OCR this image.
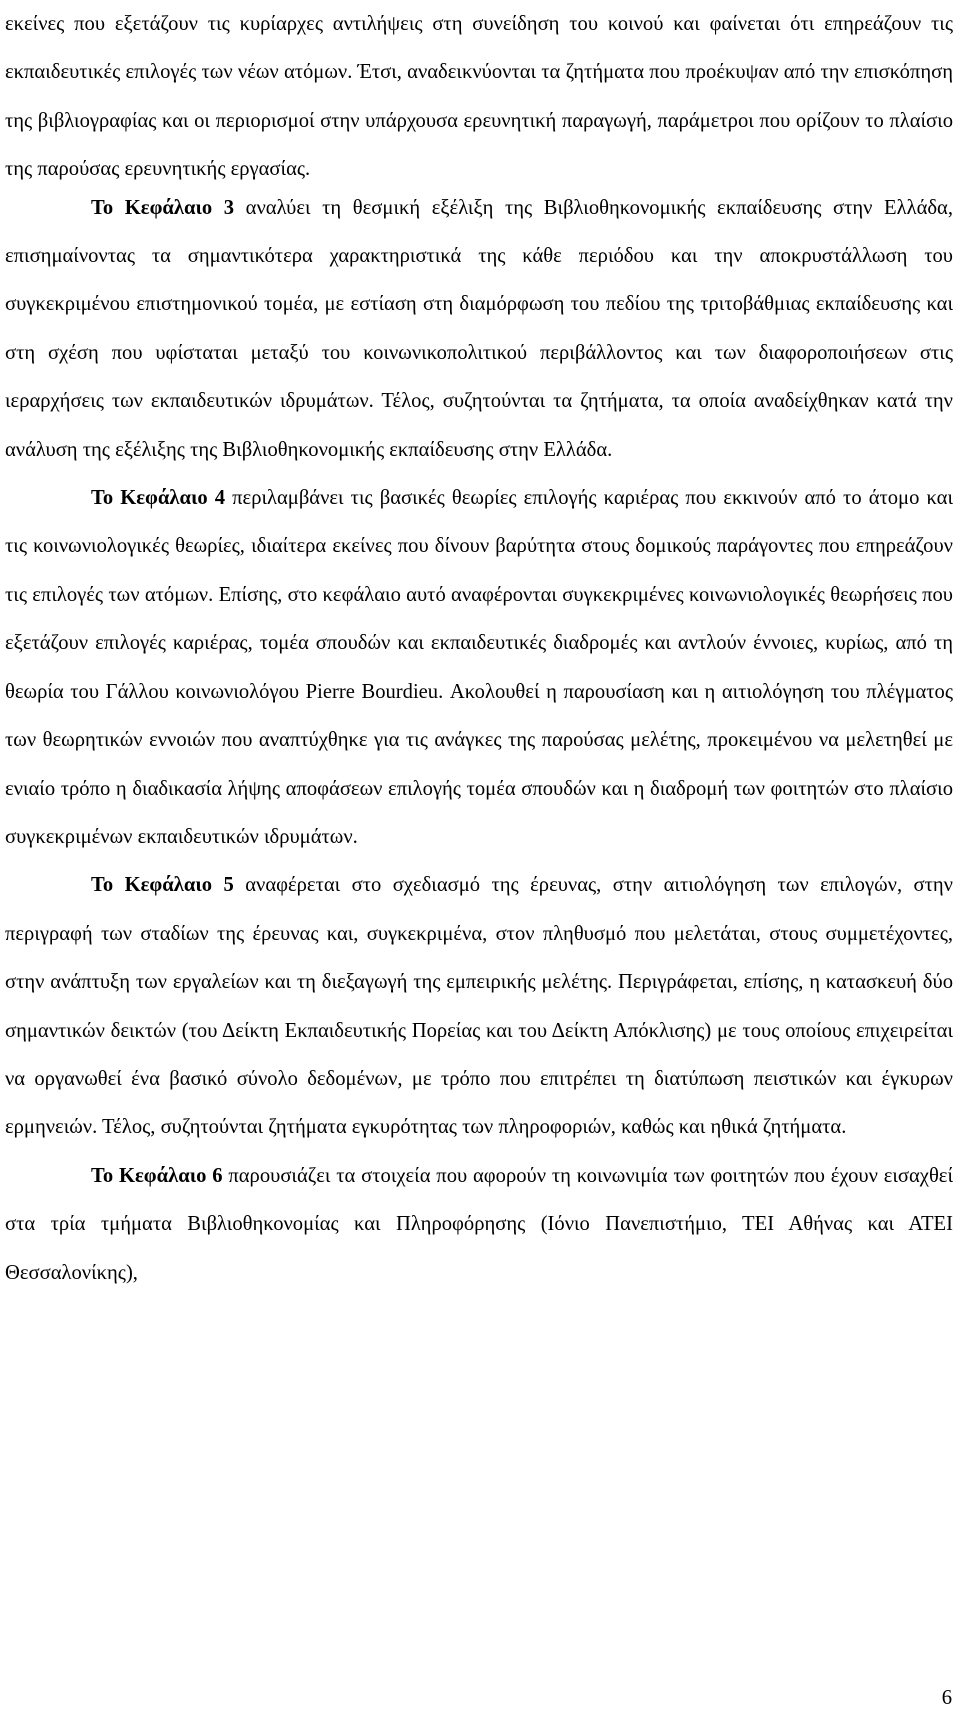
εκείνες που εξετάζουν τις κυρίαρχες αντιλήψεις στη συνείδηση του κοινού και φαίνεται ότι επηρεάζουν τις εκπαιδευτικές επιλογές των νέων ατόμων. Έτσι, αναδεικνύονται τα ζητήματα που προέκυψαν από την επισκόπηση της βιβλιογραφίας και οι περιορισμοί στην υπάρχουσα ερευνητική παραγωγή, παράμετροι που ορίζουν το πλαίσιο της παρούσας ερευνητικής εργασίας.

Το Κεφάλαιο 3 αναλύει τη θεσμική εξέλιξη της Βιβλιοθηκονομικής εκπαίδευσης στην Ελλάδα, επισημαίνοντας τα σημαντικότερα χαρακτηριστικά της κάθε περιόδου και την αποκρυστάλλωση του συγκεκριμένου επιστημονικού τομέα, με εστίαση στη διαμόρφωση του πεδίου της τριτοβάθμιας εκπαίδευσης και στη σχέση που υφίσταται μεταξύ του κοινωνικοπολιτικού περιβάλλοντος και των διαφοροποιήσεων στις ιεραρχήσεις των εκπαιδευτικών ιδρυμάτων. Τέλος, συζητούνται τα ζητήματα, τα οποία αναδείχθηκαν κατά την ανάλυση της εξέλιξης της Βιβλιοθηκονομικής εκπαίδευσης στην Ελλάδα.

Το Κεφάλαιο 4 περιλαμβάνει τις βασικές θεωρίες επιλογής καριέρας που εκκινούν από το άτομο και τις κοινωνιολογικές θεωρίες, ιδιαίτερα εκείνες που δίνουν βαρύτητα στους δομικούς παράγοντες που επηρεάζουν τις επιλογές των ατόμων. Επίσης, στο κεφάλαιο αυτό αναφέρονται συγκεκριμένες κοινωνιολογικές θεωρήσεις που εξετάζουν επιλογές καριέρας, τομέα σπουδών και εκπαιδευτικές διαδρομές και αντλούν έννοιες, κυρίως, από τη θεωρία του Γάλλου κοινωνιολόγου Pierre Bourdieu. Ακολουθεί η παρουσίαση και η αιτιολόγηση του πλέγματος των θεωρητικών εννοιών που αναπτύχθηκε για τις ανάγκες της παρούσας μελέτης, προκειμένου να μελετηθεί με ενιαίο τρόπο η διαδικασία λήψης αποφάσεων επιλογής τομέα σπουδών και η διαδρομή των φοιτητών στο πλαίσιο συγκεκριμένων εκπαιδευτικών ιδρυμάτων.

Το Κεφάλαιο 5 αναφέρεται στο σχεδιασμό της έρευνας, στην αιτιολόγηση των επιλογών, στην περιγραφή των σταδίων της έρευνας και, συγκεκριμένα, στον πληθυσμό που μελετάται, στους συμμετέχοντες, στην ανάπτυξη των εργαλείων και τη διεξαγωγή της εμπειρικής μελέτης. Περιγράφεται, επίσης, η κατασκευή δύο σημαντικών δεικτών (του Δείκτη Εκπαιδευτικής Πορείας και του Δείκτη Απόκλισης) με τους οποίους επιχειρείται να οργανωθεί ένα βασικό σύνολο δεδομένων, με τρόπο που επιτρέπει τη διατύπωση πειστικών και έγκυρων ερμηνειών. Τέλος, συζητούνται ζητήματα εγκυρότητας των πληροφοριών, καθώς και ηθικά ζητήματα.

Το Κεφάλαιο 6 παρουσιάζει τα στοιχεία που αφορούν τη κοινωνιμία των φοιτητών που έχουν εισαχθεί στα τρία τμήματα Βιβλιοθηκονομίας και Πληροφόρησης (Ιόνιο Πανεπιστήμιο, ΤΕΙ Αθήνας και ΑΤΕΙ Θεσσαλονίκης),

6
